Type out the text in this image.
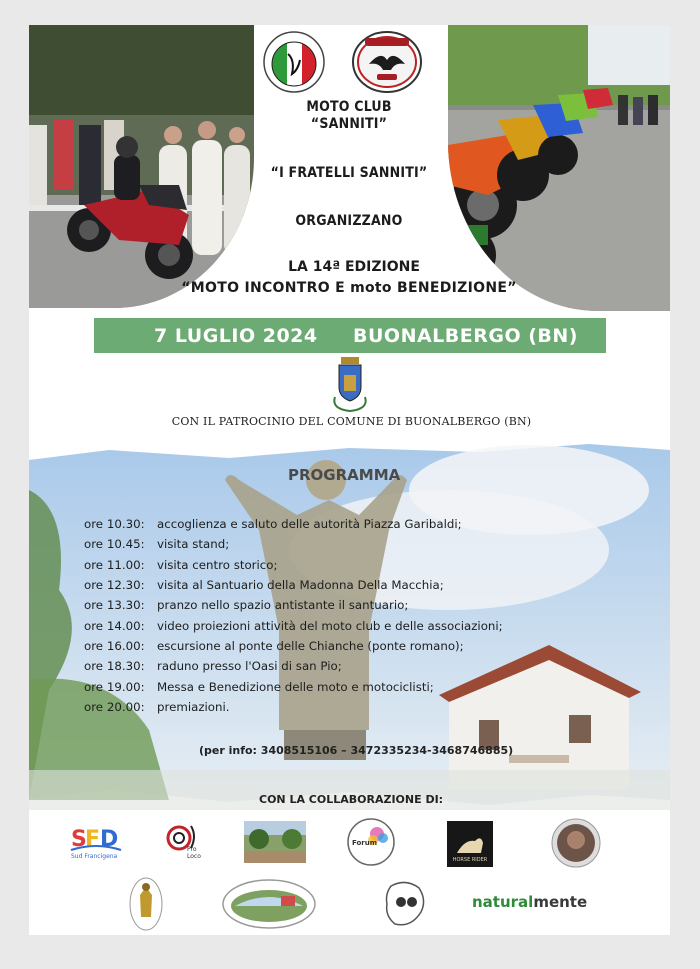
MOTO CLUB
“SANNITI”
“I FRATELLI SANNITI”
ORGANIZZANO
LA 14ª EDIZIONE
“MOTO INCONTRO E moto BENEDIZIONE”
7 LUGLIO 2024 BUONALBERGO (BN)
CON IL PATROCINIO DEL COMUNE DI BUONALBERGO (BN)
PROGRAMMA
ore 10.30:	accoglienza e saluto delle autorità Piazza Garibaldi;
ore 10.45:	visita stand;
ore 11.00:	visita centro storico;
ore 12.30:	visita al Santuario della Madonna Della Macchia;
ore 13.30:	pranzo nello spazio antistante il santuario;
ore 14.00:	video proiezioni attività del moto club e delle associazioni;
ore 16.00:	escursione al ponte delle Chianche (ponte romano);
ore 18.30:	raduno presso l'Oasi di san Pio;
ore 19.00:	Messa e Benedizione delle moto e motociclisti;
ore 20.00:	premiazioni.
(per info: 3408515106 – 3472335234-3468746885)
CON LA COLLABORAZIONE DI:
S
F D
Sud Francigena
Pro Loco
Forum
HORSE RIDER
naturalmente
